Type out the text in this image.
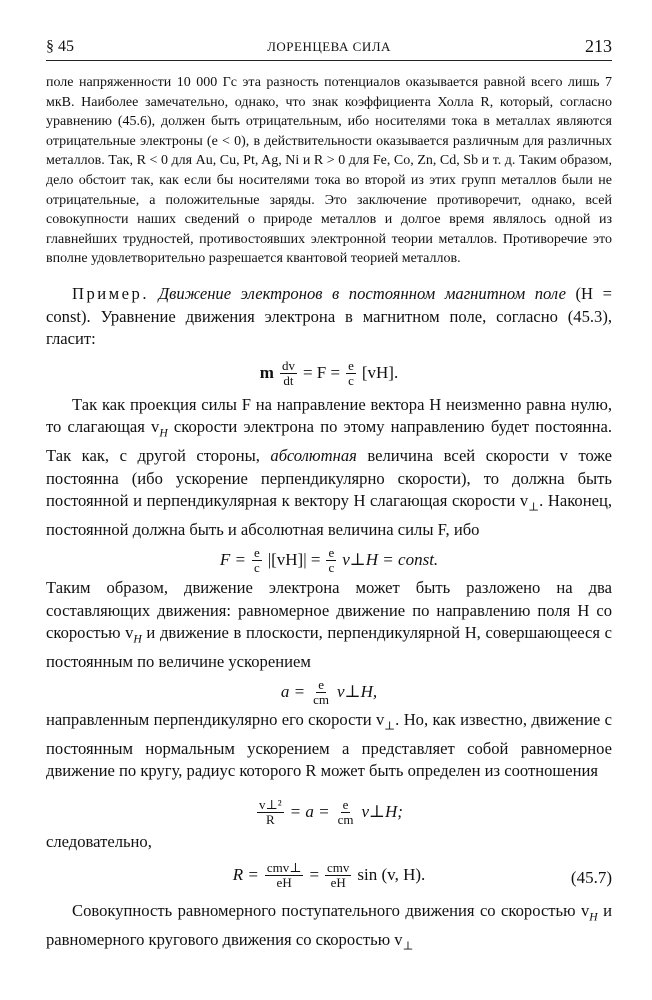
§ 45	ЛОРЕНЦЕВА СИЛА	213

поле напряженности 10 000 Гс эта разность потенциалов оказывается равной всего лишь 7 мкВ. Наиболее замечательно, однако, что знак коэффициента Холла R, который, согласно уравнению (45.6), должен быть отрицательным, ибо носителями тока в металлах являются отрицательные электроны (e < 0), в действительности оказывается различным для различных металлов. Так, R < 0 для Au, Cu, Pt, Ag, Ni и R > 0 для Fe, Co, Zn, Cd, Sb и т. д. Таким образом, дело обстоит так, как если бы носителями тока во второй из этих групп металлов были не отрицательные, а положительные заряды. Это заключение противоречит, однако, всей совокупности наших сведений о природе металлов и долгое время являлось одной из главнейших трудностей, противостоявших электронной теории металлов. Противоречие это вполне удовлетворительно разрешается квантовой теорией металлов.

Пример. Движение электронов в постоянном магнитном поле (H = const). Уравнение движения электрона в магнитном поле, согласно (45.3), гласит:

m $\frac{dv}{dt} = F = \frac{e}{c} [vH]$.

Так как проекция силы F на направление вектора H неизменно равна нулю, то слагающая $v_H$ скорости электрона по этому направлению будет постоянна. Так как, с другой стороны, абсолютная величина всей скорости v тоже постоянна (ибо ускорение перпендикулярно скорости), то должна быть постоянной и перпендикулярная к вектору H слагающая скорости $v_\perp$. Наконец, постоянной должна быть и абсолютная величина силы F, ибо

$F = \frac{e}{c} |[vH]| = \frac{e}{c}$ v⊥H = const.

Таким образом, движение электрона может быть разложено на два составляющих движения: равномерное движение по направлению поля H со скоростью $v_H$ и движение в плоскости, перпендикулярной H, совершающееся с постоянным по величине ускорением

$a = \frac{e}{cm}$ v⊥H,

направленным перпендикулярно его скорости $v_\perp$. Но, как известно, движение с постоянным нормальным ускорением a представляет собой равномерное движение по кругу, радиус которого R может быть определен из соотношения

$\frac{\text{v⊥²}}{R} = a = \frac{e}{cm}$ v⊥H;

следовательно,

$R = \frac{\text{cmv⊥}}{eH} = \frac{\text{cmv}}{eH}$ sin (v, H).	(45.7)

Совокупность равномерного поступательного движения со скоростью $v_H$ и равномерного кругового движения со скоростью $v_\perp$
